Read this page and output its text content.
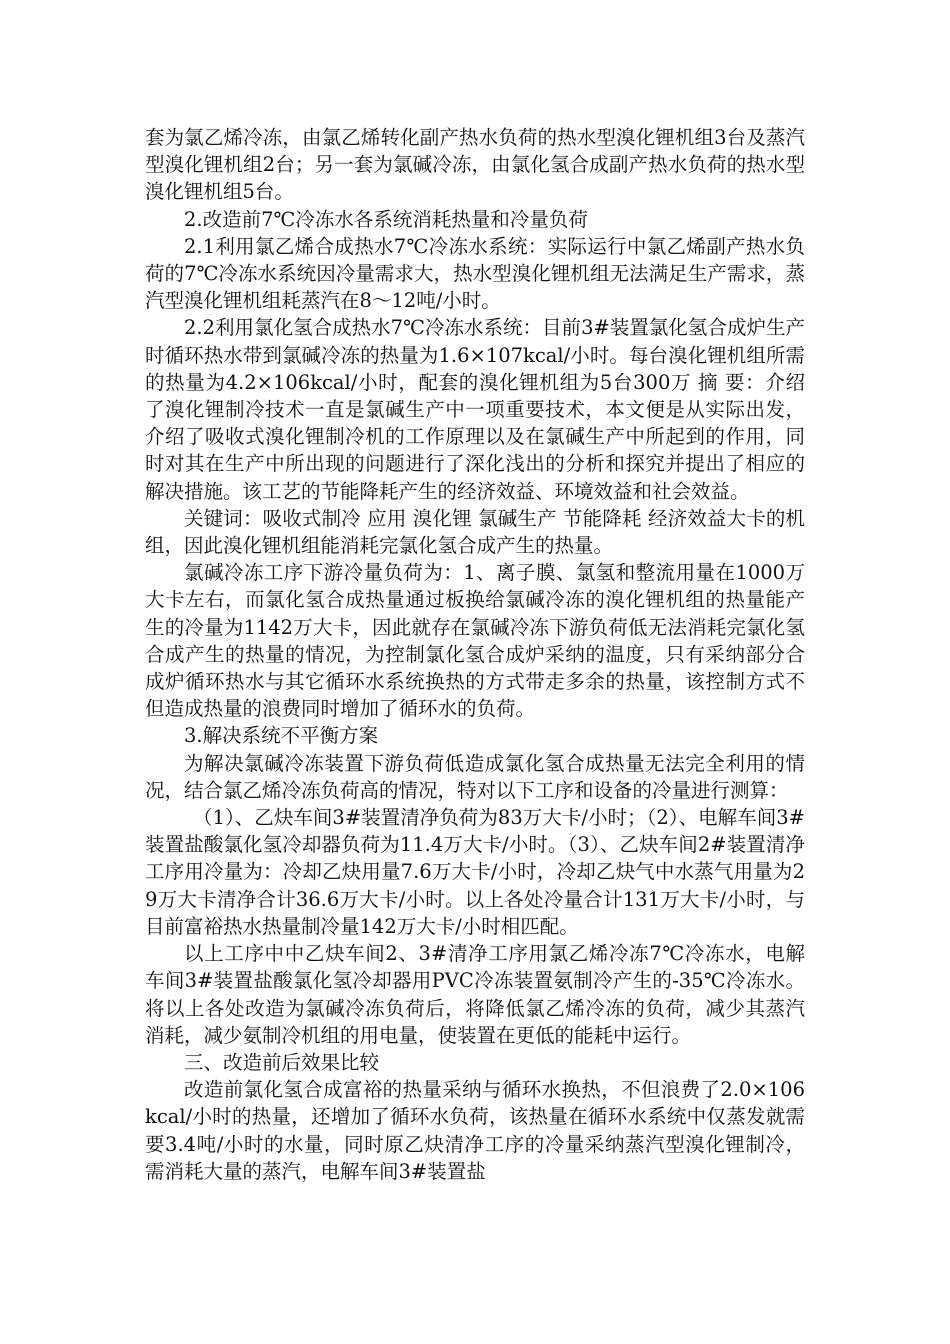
套为氯乙烯冷冻，由氯乙烯转化副产热水负荷的热水型溴化锂机组3台及蒸汽型溴化锂机组2台；另一套为氯碱冷冻，由氯化氢合成副产热水负荷的热水型溴化锂机组5台。

2.改造前7℃冷冻水各系统消耗热量和冷量负荷

2.1利用氯乙烯合成热水7℃冷冻水系统：实际运行中氯乙烯副产热水负荷的7℃冷冻水系统因冷量需求大，热水型溴化锂机组无法满足生产需求，蒸汽型溴化锂机组耗蒸汽在8～12吨/小时。

2.2利用氯化氢合成热水7℃冷冻水系统：目前3#装置氯化氢合成炉生产时循环热水带到氯碱冷冻的热量为1.6×107kcal/小时。每台溴化锂机组所需的热量为4.2×106kcal/小时，配套的溴化锂机组为5台300万 摘 要：介绍了溴化锂制冷技术一直是氯碱生产中一项重要技术，本文便是从实际出发，介绍了吸收式溴化锂制冷机的工作原理以及在氯碱生产中所起到的作用，同时对其在生产中所出现的问题进行了深化浅出的分析和探究并提出了相应的解决措施。该工艺的节能降耗产生的经济效益、环境效益和社会效益。

关键词：吸收式制冷 应用 溴化锂 氯碱生产 节能降耗 经济效益大卡的机组，因此溴化锂机组能消耗完氯化氢合成产生的热量。

氯碱冷冻工序下游冷量负荷为：1、离子膜、氯氢和整流用量在1000万大卡左右，而氯化氢合成热量通过板换给氯碱冷冻的溴化锂机组的热量能产生的冷量为1142万大卡，因此就存在氯碱冷冻下游负荷低无法消耗完氯化氢合成产生的热量的情况，为控制氯化氢合成炉采纳的温度，只有采纳部分合成炉循环热水与其它循环水系统换热的方式带走多余的热量，该控制方式不但造成热量的浪费同时增加了循环水的负荷。

3.解决系统不平衡方案

为解决氯碱冷冻装置下游负荷低造成氯化氢合成热量无法完全利用的情况，结合氯乙烯冷冻负荷高的情况，特对以下工序和设备的冷量进行测算：

（1）、乙炔车间3#装置清净负荷为83万大卡/小时；（2）、电解车间3#装置盐酸氯化氢冷却器负荷为11.4万大卡/小时。（3）、乙炔车间2#装置清净工序用冷量为：冷却乙炔用量7.6万大卡/小时，冷却乙炔气中水蒸气用量为29万大卡清净合计36.6万大卡/小时。以上各处冷量合计131万大卡/小时，与目前富裕热水热量制冷量142万大卡/小时相匹配。

以上工序中中乙炔车间2、3#清净工序用氯乙烯冷冻7℃冷冻水，电解车间3#装置盐酸氯化氢冷却器用PVC冷冻装置氨制冷产生的-35℃冷冻水。将以上各处改造为氯碱冷冻负荷后，将降低氯乙烯冷冻的负荷，减少其蒸汽消耗，减少氨制冷机组的用电量，使装置在更低的能耗中运行。

三、改造前后效果比较

改造前氯化氢合成富裕的热量采纳与循环水换热，不但浪费了2.0×106kcal/小时的热量，还增加了循环水负荷，该热量在循环水系统中仅蒸发就需要3.4吨/小时的水量，同时原乙炔清净工序的冷量采纳蒸汽型溴化锂制冷，需消耗大量的蒸汽，电解车间3#装置盐
